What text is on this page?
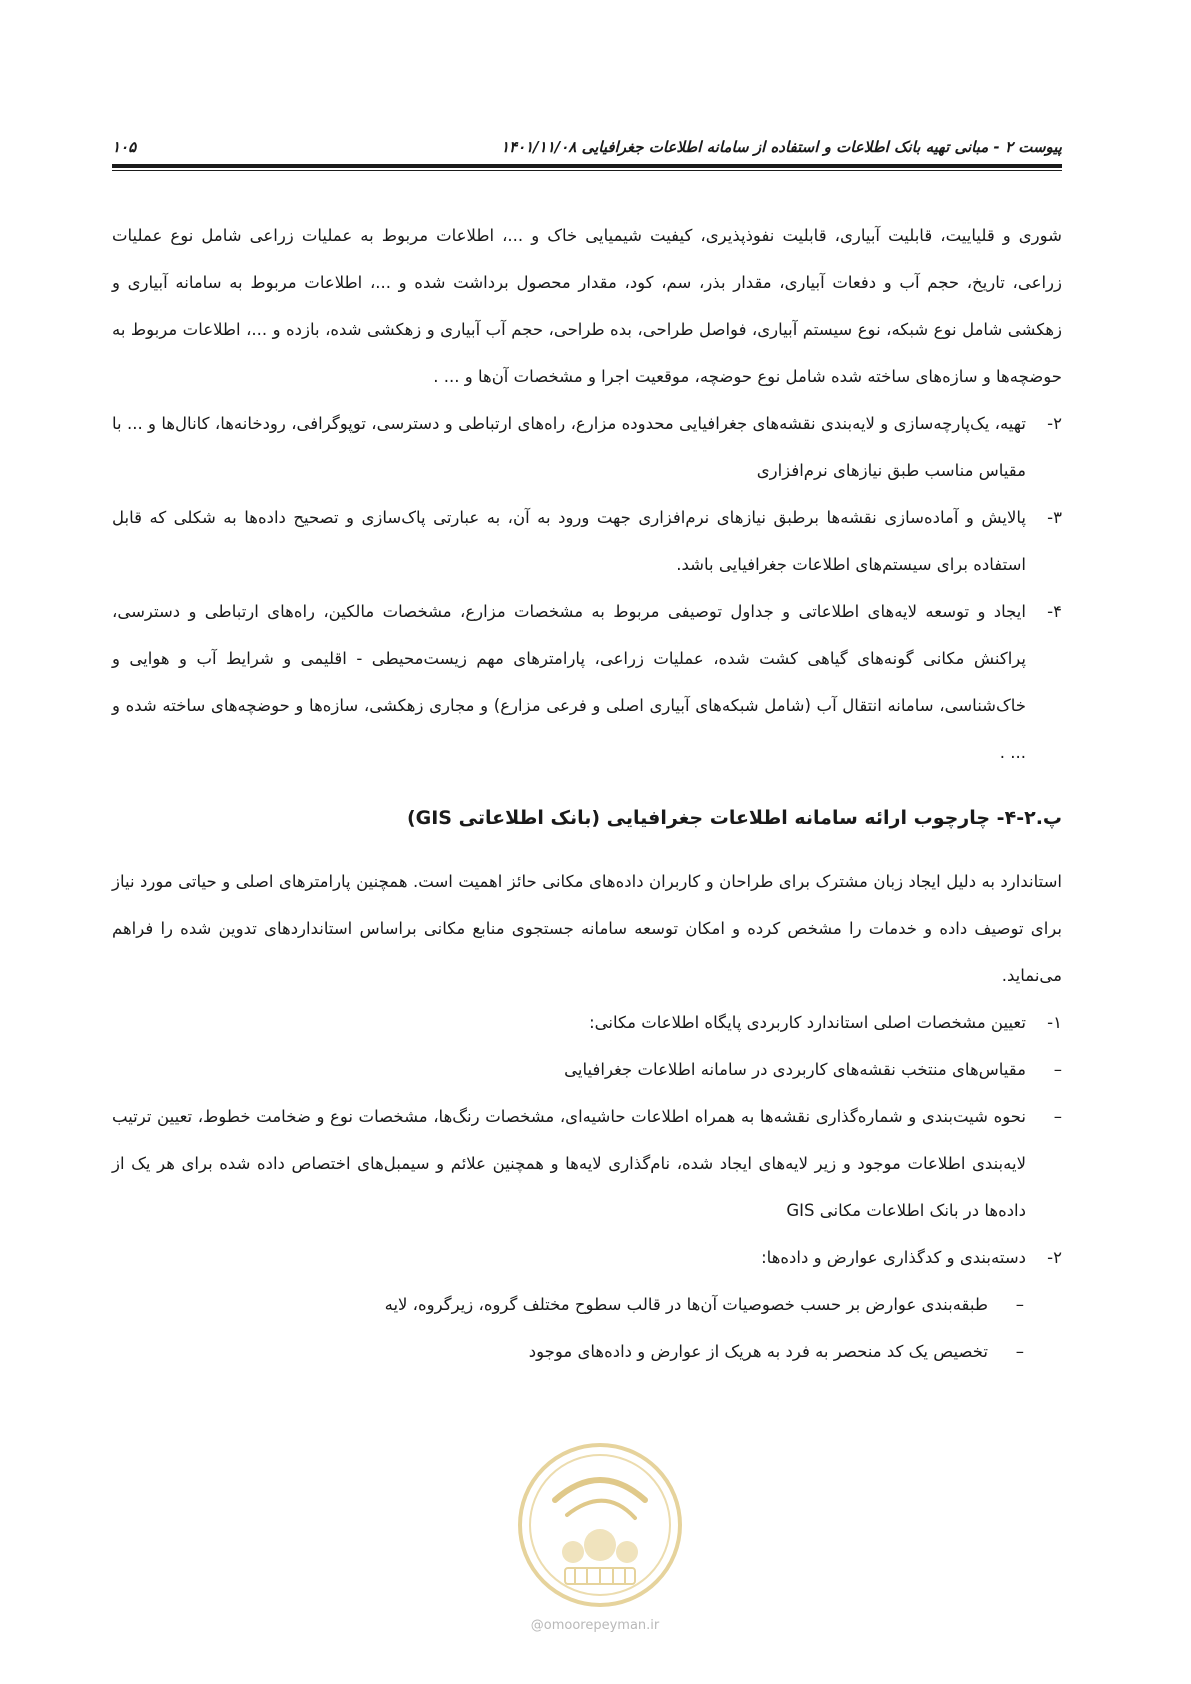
پیوست ۲ - مبانی تهیه بانک اطلاعات و استفاده از سامانه اطلاعات جغرافیایی ۱۴۰۱/۱۱/۰۸
۱۰۵

شوری و قلیاییت، قابلیت آبیاری، قابلیت نفوذپذیری، کیفیت شیمیایی خاک و ...، اطلاعات مربوط به عملیات زراعی شامل نوع عملیات زراعی، تاریخ، حجم آب و دفعات آبیاری، مقدار بذر، سم، کود، مقدار محصول برداشت شده و ...، اطلاعات مربوط به سامانه آبیاری و زهکشی شامل نوع شبکه، نوع سیستم آبیاری، فواصل طراحی، بده طراحی، حجم آب آبیاری و زهکشی شده، بازده و ...، اطلاعات مربوط به حوضچه‌ها و سازه‌های ساخته شده شامل نوع حوضچه، موقعیت اجرا و مشخصات آن‌ها و ... .

۲-
تهیه، یک‌پارچه‌سازی و لایه‌بندی نقشه‌های جغرافیایی محدوده مزارع، راه‌های ارتباطی و دسترسی، توپوگرافی، رودخانه‌ها، کانال‌ها و ... با مقیاس مناسب طبق نیازهای نرم‌افزاری
۳-
پالایش و آماده‌سازی نقشه‌ها برطبق نیازهای نرم‌افزاری جهت ورود به آن، به عبارتی پاک‌سازی و تصحیح داده‌ها به شکلی که قابل استفاده برای سیستم‌های اطلاعات جغرافیایی باشد.
۴-
ایجاد و توسعه لایه‌های اطلاعاتی و جداول توصیفی مربوط به مشخصات مزارع، مشخصات مالکین، راه‌های ارتباطی و دسترسی، پراکنش مکانی گونه‌های گیاهی کشت شده، عملیات زراعی، پارامترهای مهم زیست‌محیطی - اقلیمی و شرایط آب و هوایی و خاک‌شناسی، سامانه انتقال آب (شامل شبکه‌های آبیاری اصلی و فرعی مزارع) و مجاری زهکشی، سازه‌ها و حوضچه‌های ساخته شده و ... .
پ.۲-۴- چارچوب ارائه سامانه اطلاعات جغرافیایی (بانک اطلاعاتی GIS)

استاندارد به دلیل ایجاد زبان مشترک برای طراحان و کاربران داده‌های مکانی حائز اهمیت است. همچنین پارامترهای اصلی و حیاتی مورد نیاز برای توصیف داده و خدمات را مشخص کرده و امکان توسعه سامانه جستجوی منابع مکانی براساس استانداردهای تدوین شده را فراهم می‌نماید.

۱-
تعیین مشخصات اصلی استاندارد کاربردی پایگاه اطلاعات مکانی:
–
مقیاس‌های منتخب نقشه‌های کاربردی در سامانه اطلاعات جغرافیایی
–
نحوه شیت‌بندی و شماره‌گذاری نقشه‌ها به همراه اطلاعات حاشیه‌ای، مشخصات رنگ‌ها، مشخصات نوع و ضخامت خطوط، تعیین ترتیب لایه‌بندی اطلاعات موجود و زیر لایه‌های ایجاد شده، نام‌گذاری لایه‌ها و همچنین علائم و سیمبل‌های اختصاص داده شده برای هر یک از داده‌ها در بانک اطلاعات مکانی GIS
۲-
دسته‌بندی و کدگذاری عوارض و داده‌ها:
–
طبقه‌بندی عوارض بر حسب خصوصیات آن‌ها در قالب سطوح مختلف گروه، زیرگروه، لایه
–
تخصیص یک کد منحصر به فرد به هریک از عوارض و داده‌های موجود
@omoorepeyman.ir
